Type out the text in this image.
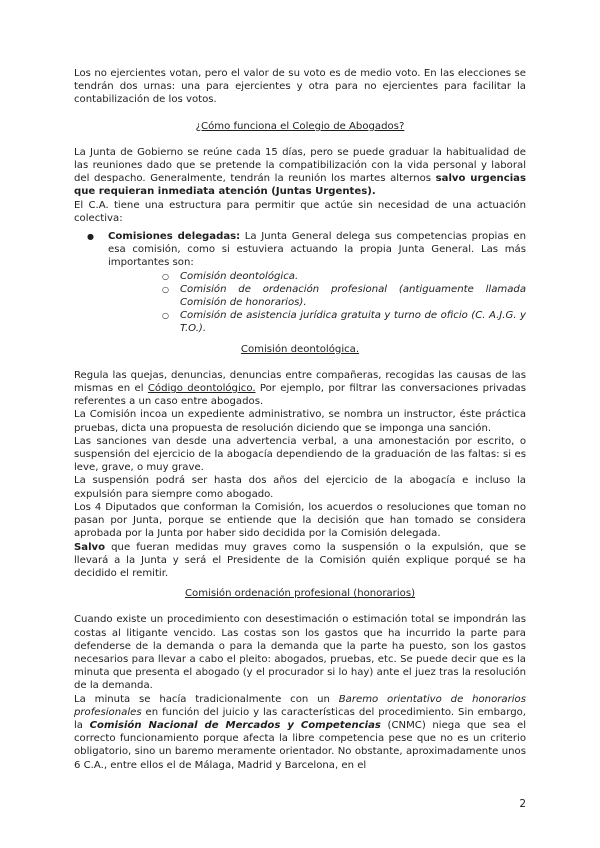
Los no ejercientes votan, pero el valor de su voto es de medio voto. En las elecciones se tendrán dos urnas: una para ejercientes y otra para no ejercientes para facilitar la contabilización de los votos.

¿Cómo funciona el Colegio de Abogados?

La Junta de Gobierno se reúne cada 15 días, pero se puede graduar la habitualidad de las reuniones dado que se pretende la compatibilización con la vida personal y laboral del despacho. Generalmente, tendrán la reunión los martes alternos salvo urgencias que requieran inmediata atención (Juntas Urgentes).

El C.A. tiene una estructura para permitir que actúe sin necesidad de una actuación colectiva:

● Comisiones delegadas: La Junta General delega sus competencias propias en esa comisión, como si estuviera actuando la propia Junta General. Las más importantes son:
○ Comisión deontológica.
○ Comisión de ordenación profesional (antiguamente llamada Comisión de honorarios).
○ Comisión de asistencia jurídica gratuita y turno de oficio (C. A.J.G. y T.O.).

Comisión deontológica.

Regula las quejas, denuncias, denuncias entre compañeras, recogidas las causas de las mismas en el Código deontológico. Por ejemplo, por filtrar las conversaciones privadas referentes a un caso entre abogados.

La Comisión incoa un expediente administrativo, se nombra un instructor, éste práctica pruebas, dicta una propuesta de resolución diciendo que se imponga una sanción.

Las sanciones van desde una advertencia verbal, a una amonestación por escrito, o suspensión del ejercicio de la abogacía dependiendo de la graduación de las faltas: si es leve, grave, o muy grave.

La suspensión podrá ser hasta dos años del ejercicio de la abogacía e incluso la expulsión para siempre como abogado.

Los 4 Diputados que conforman la Comisión, los acuerdos o resoluciones que toman no pasan por Junta, porque se entiende que la decisión que han tomado se considera aprobada por la Junta por haber sido decidida por la Comisión delegada.

Salvo que fueran medidas muy graves como la suspensión o la expulsión, que se llevará a la Junta y será el Presidente de la Comisión quién explique porqué se ha decidido el remitir.

Comisión ordenación profesional (honorarios)

Cuando existe un procedimiento con desestimación o estimación total se impondrán las costas al litigante vencido. Las costas son los gastos que ha incurrido la parte para defenderse de la demanda o para la demanda que la parte ha puesto, son los gastos necesarios para llevar a cabo el pleito: abogados, pruebas, etc. Se puede decir que es la minuta que presenta el abogado (y el procurador si lo hay) ante el juez tras la resolución de la demanda.

La minuta se hacía tradicionalmente con un Baremo orientativo de honorarios profesionales en función del juicio y las características del procedimiento. Sin embargo, la Comisión Nacional de Mercados y Competencias (CNMC) niega que sea el correcto funcionamiento porque afecta la libre competencia pese que no es un criterio obligatorio, sino un baremo meramente orientador. No obstante, aproximadamente unos 6 C.A., entre ellos el de Málaga, Madrid y Barcelona, en el

2
